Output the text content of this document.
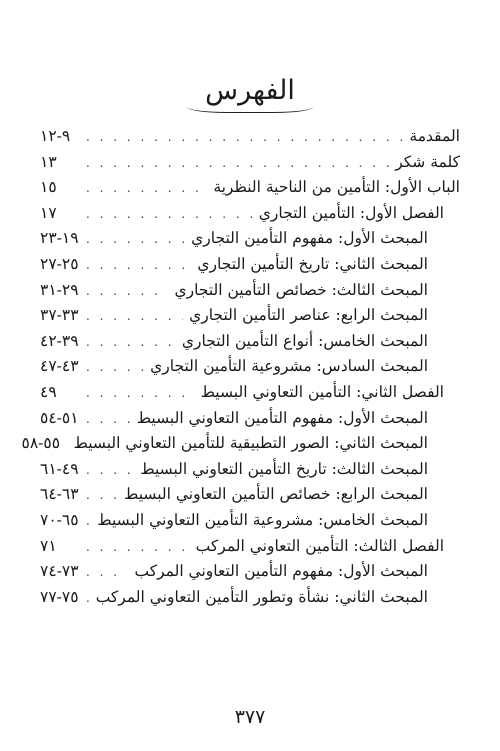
الفهرس
المقدمة
. . .
٩-١٢
كلمة شكر
. . .
١٣
الباب الأول: التأمين من الناحية النظرية
. . .
١٥
الفصل الأول: التأمين التجاري
. . .
١٧
المبحث الأول: مفهوم التأمين التجاري
. . .
١٩-٢٣
المبحث الثاني: تاريخ التأمين التجاري
. . .
٢٥-٢٧
المبحث الثالث: خصائص التأمين التجاري
. . .
٢٩-٣١
المبحث الرابع: عناصر التأمين التجاري
. . .
٣٣-٣٧
المبحث الخامس: أنواع التأمين التجاري
. . .
٣٩-٤٢
المبحث السادس: مشروعية التأمين التجاري
. . .
٤٣-٤٧
الفصل الثاني: التأمين التعاوني البسيط
. . .
٤٩
المبحث الأول: مفهوم التأمين التعاوني البسيط
. . .
٥١-٥٤
المبحث الثاني: الصور التطبيقية للتأمين التعاوني البسيط
٥٥-٥٨
المبحث الثالث: تاريخ التأمين التعاوني البسيط
. . .
٤٩-٦١
المبحث الرابع: خصائص التأمين التعاوني البسيط
. . .
٦٣-٦٤
المبحث الخامس: مشروعية التأمين التعاوني البسيط
. . .
٦٥-٧٠
الفصل الثالث: التأمين التعاوني المركب
. . .
٧١
المبحث الأول: مفهوم التأمين التعاوني المركب
. . .
٧٣-٧٤
المبحث الثاني: نشأة وتطور التأمين التعاوني المركب
. . .
٧٥-٧٧
٣٧٧
